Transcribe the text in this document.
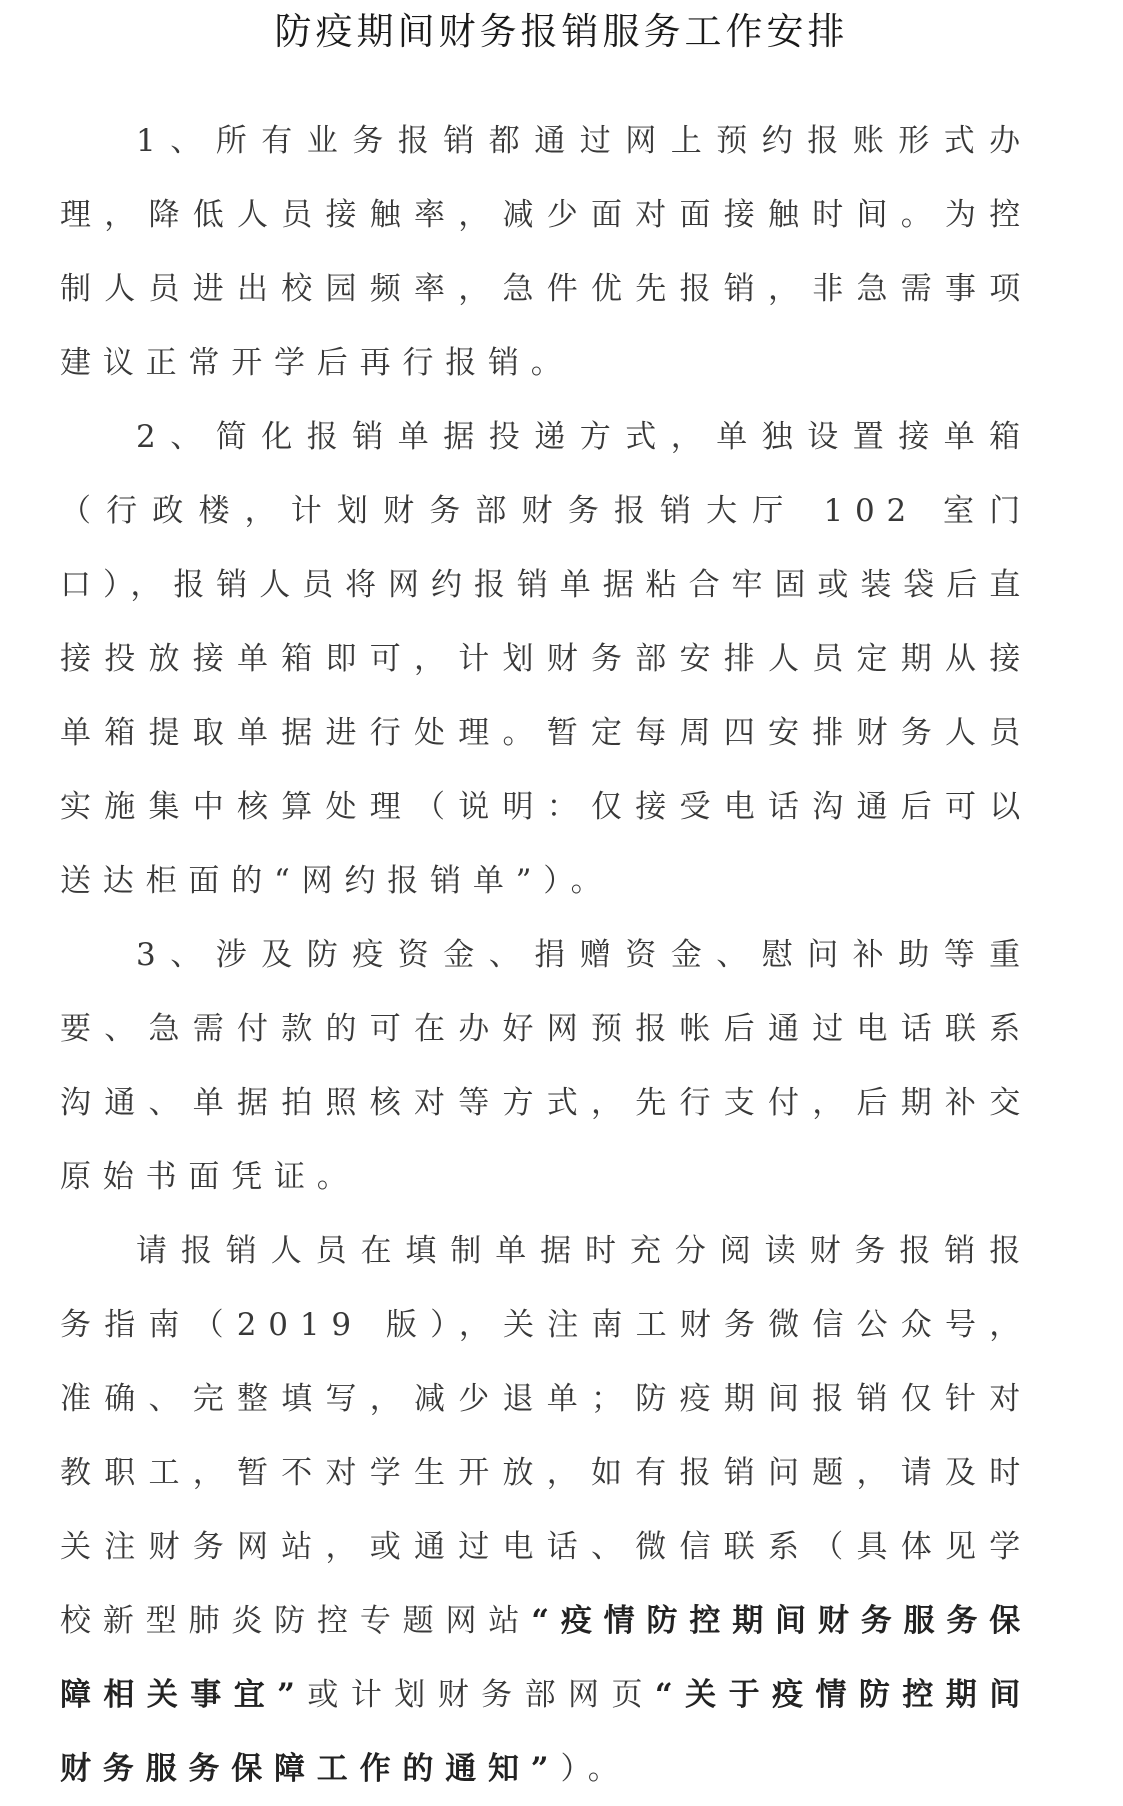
防疫期间财务报销服务工作安排

1、所有业务报销都通过网上预约报账形式办理，降低人员接触率，减少面对面接触时间。为控制人员进出校园频率，急件优先报销，非急需事项建议正常开学后再行报销。

2、简化报销单据投递方式，单独设置接单箱（行政楼，计划财务部财务报销大厅 102 室门口），报销人员将网约报销单据粘合牢固或装袋后直接投放接单箱即可，计划财务部安排人员定期从接单箱提取单据进行处理。暂定每周四安排财务人员实施集中核算处理（说明：仅接受电话沟通后可以送达柜面的“网约报销单”）。

3、涉及防疫资金、捐赠资金、慰问补助等重要、急需付款的可在办好网预报帐后通过电话联系沟通、单据拍照核对等方式，先行支付，后期补交原始书面凭证。

请报销人员在填制单据时充分阅读财务报销报务指南（2019 版），关注南工财务微信公众号，准确、完整填写，减少退单；防疫期间报销仅针对教职工，暂不对学生开放，如有报销问题，请及时关注财务网站，或通过电话、微信联系（具体见学校新型肺炎防控专题网站“疫情防控期间财务服务保障相关事宜”或计划财务部网页“关于疫情防控期间财务服务保障工作的通知”）。
